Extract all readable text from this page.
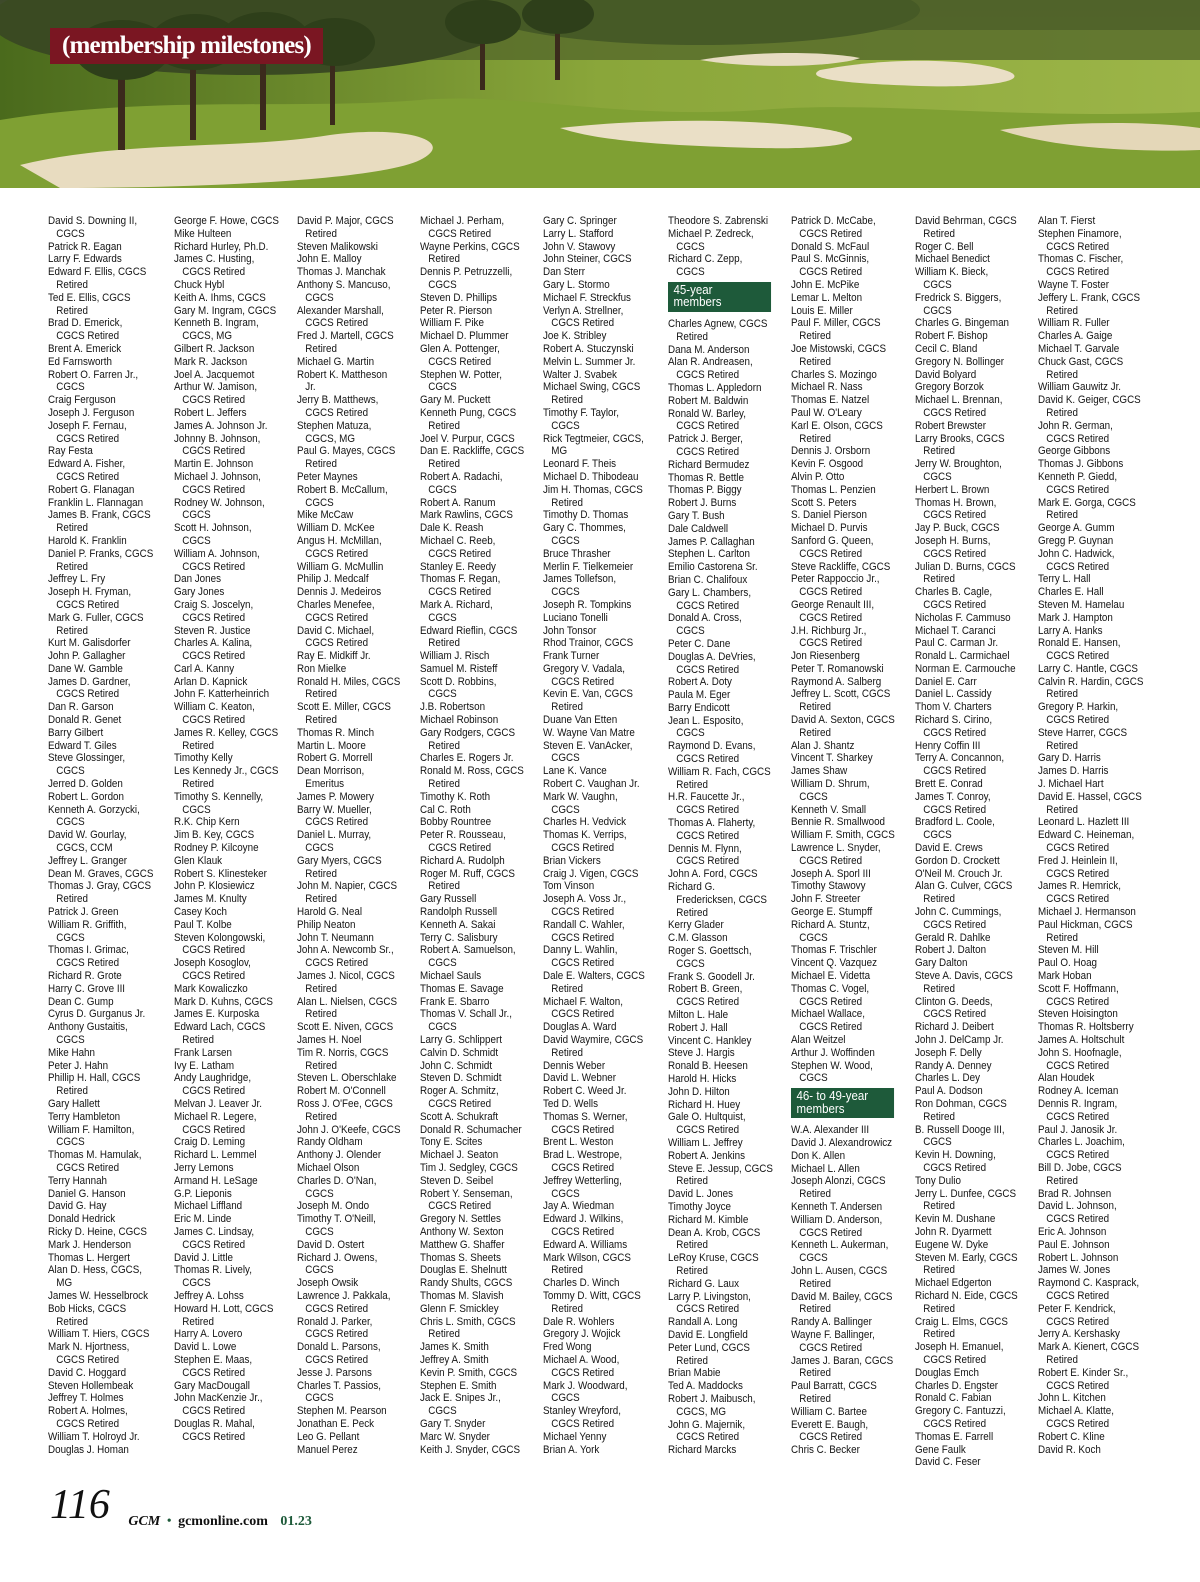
(membership milestones)
David S. Downing II,
CGCS
Patrick R. Eagan
Larry F. Edwards
Edward F. Ellis, CGCS
Retired
Ted E. Ellis, CGCS
Retired
Brad D. Emerick,
CGCS Retired
Brent A. Emerick
Ed Farnsworth
Robert O. Farren Jr.,
CGCS
Craig Ferguson
Joseph J. Ferguson
Joseph F. Fernau,
CGCS Retired
Ray Festa
Edward A. Fisher,
CGCS Retired
Robert G. Flanagan
Franklin L. Flannagan
James B. Frank, CGCS
Retired
Harold K. Franklin
Daniel P. Franks, CGCS
Retired
Jeffrey L. Fry
Joseph H. Fryman,
CGCS Retired
Mark G. Fuller, CGCS
Retired
Kurt M. Galisdorfer
John P. Gallagher
Dane W. Gamble
James D. Gardner,
CGCS Retired
Dan R. Garson
Donald R. Genet
Barry Gilbert
Edward T. Giles
Steve Glossinger,
CGCS
Jerred D. Golden
Robert L. Gordon
Kenneth A. Gorzycki,
CGCS
David W. Gourlay,
CGCS, CCM
Jeffrey L. Granger
Dean M. Graves, CGCS
Thomas J. Gray, CGCS
Retired
Patrick J. Green
William R. Griffith,
CGCS
Thomas I. Grimac,
CGCS Retired
Richard R. Grote
Harry C. Grove III
Dean C. Gump
Cyrus D. Gurganus Jr.
Anthony Gustaitis,
CGCS
Mike Hahn
Peter J. Hahn
Phillip H. Hall, CGCS
Retired
Gary Hallett
Terry Hambleton
William F. Hamilton,
CGCS
Thomas M. Hamulak,
CGCS Retired
Terry Hannah
Daniel G. Hanson
David G. Hay
Donald Hedrick
Ricky D. Heine, CGCS
Mark J. Henderson
Thomas L. Hergert
Alan D. Hess, CGCS,
MG
James W. Hesselbrock
Bob Hicks, CGCS
Retired
William T. Hiers, CGCS
Mark N. Hjortness,
CGCS Retired
David C. Hoggard
Steven Hollembeak
Jeffrey T. Holmes
Robert A. Holmes,
CGCS Retired
William T. Holroyd Jr.
Douglas J. Homan
George F. Howe, CGCS
Mike Hulteen
Richard Hurley, Ph.D.
James C. Husting,
CGCS Retired
Chuck Hybl
Keith A. Ihms, CGCS
Gary M. Ingram, CGCS
Kenneth B. Ingram,
CGCS, MG
Gilbert R. Jackson
Mark R. Jackson
Joel A. Jacquemot
Arthur W. Jamison,
CGCS Retired
Robert L. Jeffers
James A. Johnson Jr.
Johnny B. Johnson,
CGCS Retired
Martin E. Johnson
Michael J. Johnson,
CGCS Retired
Rodney W. Johnson,
CGCS
Scott H. Johnson,
CGCS
William A. Johnson,
CGCS Retired
Dan Jones
Gary Jones
Craig S. Joscelyn,
CGCS Retired
Steven R. Justice
Charles A. Kalina,
CGCS Retired
Carl A. Kanny
Arlan D. Kapnick
John F. Katterheinrich
William C. Keaton,
CGCS Retired
James R. Kelley, CGCS
Retired
Timothy Kelly
Les Kennedy Jr., CGCS
Retired
Timothy S. Kennelly,
CGCS
R.K. Chip Kern
Jim B. Key, CGCS
Rodney P. Kilcoyne
Glen Klauk
Robert S. Klinesteker
John P. Klosiewicz
James M. Knulty
Casey Koch
Paul T. Kolbe
Steven Kolongowski,
CGCS Retired
Joseph Kosoglov,
CGCS Retired
Mark Kowaliczko
Mark D. Kuhns, CGCS
James E. Kurposka
Edward Lach, CGCS
Retired
Frank Larsen
Ivy E. Latham
Andy Laughridge,
CGCS Retired
Melvan J. Leaver Jr.
Michael R. Legere,
CGCS Retired
Craig D. Leming
Richard L. Lemmel
Jerry Lemons
Armand H. LeSage
G.P. Lieponis
Michael Liffland
Eric M. Linde
James C. Lindsay,
CGCS Retired
David J. Little
Thomas R. Lively,
CGCS
Jeffrey A. Lohss
Howard H. Lott, CGCS
Retired
Harry A. Lovero
David L. Lowe
Stephen E. Maas,
CGCS Retired
Gary MacDougall
John MacKenzie Jr.,
CGCS Retired
Douglas R. Mahal,
CGCS Retired
David P. Major, CGCS
Retired
Steven Malikowski
John E. Malloy
Thomas J. Manchak
Anthony S. Mancuso,
CGCS
Alexander Marshall,
CGCS Retired
Fred J. Martell, CGCS
Retired
Michael G. Martin
Robert K. Mattheson
Jr.
Jerry B. Matthews,
CGCS Retired
Stephen Matuza,
CGCS, MG
Paul G. Mayes, CGCS
Retired
Peter Maynes
Robert B. McCallum,
CGCS
Mike McCaw
William D. McKee
Angus H. McMillan,
CGCS Retired
William G. McMullin
Philip J. Medcalf
Dennis J. Medeiros
Charles Menefee,
CGCS Retired
David C. Michael,
CGCS Retired
Ray E. Midkiff Jr.
Ron Mielke
Ronald H. Miles, CGCS
Retired
Scott E. Miller, CGCS
Retired
Thomas R. Minch
Martin L. Moore
Robert G. Morrell
Dean Morrison,
Emeritus
James P. Mowery
Barry W. Mueller,
CGCS Retired
Daniel L. Murray,
CGCS
Gary Myers, CGCS
Retired
John M. Napier, CGCS
Retired
Harold G. Neal
Philip Neaton
John T. Neumann
John A. Newcomb Sr.,
CGCS Retired
James J. Nicol, CGCS
Retired
Alan L. Nielsen, CGCS
Retired
Scott E. Niven, CGCS
James H. Noel
Tim R. Norris, CGCS
Retired
Steven L. Oberschlake
Robert M. O'Connell
Ross J. O'Fee, CGCS
Retired
John J. O'Keefe, CGCS
Randy Oldham
Anthony J. Olender
Michael Olson
Charles D. O'Nan,
CGCS
Joseph M. Ondo
Timothy T. O'Neill,
CGCS
David D. Ostert
Richard J. Owens,
CGCS
Joseph Owsik
Lawrence J. Pakkala,
CGCS Retired
Ronald J. Parker,
CGCS Retired
Donald L. Parsons,
CGCS Retired
Jesse J. Parsons
Charles T. Passios,
CGCS
Stephen M. Pearson
Jonathan E. Peck
Leo G. Pellant
Manuel Perez
Michael J. Perham,
CGCS Retired
Wayne Perkins, CGCS
Retired
Dennis P. Petruzzelli,
CGCS
Steven D. Phillips
Peter R. Pierson
William F. Pike
Michael D. Plummer
Glen A. Pottenger,
CGCS Retired
Stephen W. Potter,
CGCS
Gary M. Puckett
Kenneth Pung, CGCS
Retired
Joel V. Purpur, CGCS
Dan E. Rackliffe, CGCS
Retired
Robert A. Radachi,
CGCS
Robert A. Ranum
Mark Rawlins, CGCS
Dale K. Reash
Michael C. Reeb,
CGCS Retired
Stanley E. Reedy
Thomas F. Regan,
CGCS Retired
Mark A. Richard,
CGCS
Edward Rieflin, CGCS
Retired
William J. Risch
Samuel M. Risteff
Scott D. Robbins,
CGCS
J.B. Robertson
Michael Robinson
Gary Rodgers, CGCS
Retired
Charles E. Rogers Jr.
Ronald M. Ross, CGCS
Retired
Timothy K. Roth
Cal C. Roth
Bobby Rountree
Peter R. Rousseau,
CGCS Retired
Richard A. Rudolph
Roger M. Ruff, CGCS
Retired
Gary Russell
Randolph Russell
Kenneth A. Sakai
Terry C. Salisbury
Robert A. Samuelson,
CGCS
Michael Sauls
Thomas E. Savage
Frank E. Sbarro
Thomas V. Schall Jr.,
CGCS
Larry G. Schlippert
Calvin D. Schmidt
John C. Schmidt
Steven D. Schmidt
Roger A. Schmitz,
CGCS Retired
Scott A. Schukraft
Donald R. Schumacher
Tony E. Scites
Michael J. Seaton
Tim J. Sedgley, CGCS
Steven D. Seibel
Robert Y. Senseman,
CGCS Retired
Gregory N. Settles
Anthony W. Sexton
Matthew G. Shaffer
Thomas S. Sheets
Douglas E. Shelnutt
Randy Shults, CGCS
Thomas M. Slavish
Glenn F. Smickley
Chris L. Smith, CGCS
Retired
James K. Smith
Jeffrey A. Smith
Kevin P. Smith, CGCS
Stephen E. Smith
Jack E. Snipes Jr.,
CGCS
Gary T. Snyder
Marc W. Snyder
Keith J. Snyder, CGCS
Gary C. Springer
Larry L. Stafford
John V. Stawovy
John Steiner, CGCS
Dan Sterr
Gary L. Stormo
Michael F. Streckfus
Verlyn A. Strellner,
CGCS Retired
Joe K. Stribley
Robert A. Stuczynski
Melvin L. Summer Jr.
Walter J. Svabek
Michael Swing, CGCS
Retired
Timothy F. Taylor,
CGCS
Rick Tegtmeier, CGCS,
MG
Leonard F. Theis
Michael D. Thibodeau
Jim H. Thomas, CGCS
Retired
Timothy D. Thomas
Gary C. Thommes,
CGCS
Bruce Thrasher
Merlin F. Tielkemeier
James Tollefson,
CGCS
Joseph R. Tompkins
Luciano Tonelli
John Tonsor
Rhod Trainor, CGCS
Frank Turner
Gregory V. Vadala,
CGCS Retired
Kevin E. Van, CGCS
Retired
Duane Van Etten
W. Wayne Van Matre
Steven E. VanAcker,
CGCS
Lane K. Vance
Robert C. Vaughan Jr.
Mark W. Vaughn,
CGCS
Charles H. Vedvick
Thomas K. Verrips,
CGCS Retired
Brian Vickers
Craig J. Vigen, CGCS
Tom Vinson
Joseph A. Voss Jr.,
CGCS Retired
Randall C. Wahler,
CGCS Retired
Danny L. Wahlin,
CGCS Retired
Dale E. Walters, CGCS
Retired
Michael F. Walton,
CGCS Retired
Douglas A. Ward
David Waymire, CGCS
Retired
Dennis Weber
David L. Webner
Robert C. Weed Jr.
Ted D. Wells
Thomas S. Werner,
CGCS Retired
Brent L. Weston
Brad L. Westrope,
CGCS Retired
Jeffrey Wetterling,
CGCS
Jay A. Wiedman
Edward J. Wilkins,
CGCS Retired
Edward A. Williams
Mark Wilson, CGCS
Retired
Charles D. Winch
Tommy D. Witt, CGCS
Retired
Dale R. Wohlers
Gregory J. Wojick
Fred Wong
Michael A. Wood,
CGCS Retired
Mark J. Woodward,
CGCS
Stanley Wreyford,
CGCS Retired
Michael Yenny
Brian A. York
Theodore S. Zabrenski
Michael P. Zedreck,
CGCS
Richard C. Zepp,
CGCS
45-year
members
Charles Agnew, CGCS
Retired
Dana M. Anderson
Alan R. Andreasen,
CGCS Retired
Thomas L. Appledorn
Robert M. Baldwin
Ronald W. Barley,
CGCS Retired
Patrick J. Berger,
CGCS Retired
Richard Bermudez
Thomas R. Bettle
Thomas P. Biggy
Robert J. Burns
Gary T. Bush
Dale Caldwell
James P. Callaghan
Stephen L. Carlton
Emilio Castorena Sr.
Brian C. Chalifoux
Gary L. Chambers,
CGCS Retired
Donald A. Cross,
CGCS
Peter C. Dane
Douglas A. DeVries,
CGCS Retired
Robert A. Doty
Paula M. Eger
Barry Endicott
Jean L. Esposito,
CGCS
Raymond D. Evans,
CGCS Retired
William R. Fach, CGCS
Retired
H.R. Faucette Jr.,
CGCS Retired
Thomas A. Flaherty,
CGCS Retired
Dennis M. Flynn,
CGCS Retired
John A. Ford, CGCS
Richard G.
Fredericksen, CGCS
Retired
Kerry Glader
C.M. Glasson
Roger S. Goettsch,
CGCS
Frank S. Goodell Jr.
Robert B. Green,
CGCS Retired
Milton L. Hale
Robert J. Hall
Vincent C. Hankley
Steve J. Hargis
Ronald B. Heesen
Harold H. Hicks
John D. Hilton
Richard H. Huey
Gale O. Hultquist,
CGCS Retired
William L. Jeffrey
Robert A. Jenkins
Steve E. Jessup, CGCS
Retired
David L. Jones
Timothy Joyce
Richard M. Kimble
Dean A. Krob, CGCS
Retired
LeRoy Kruse, CGCS
Retired
Richard G. Laux
Larry P. Livingston,
CGCS Retired
Randall A. Long
David E. Longfield
Peter Lund, CGCS
Retired
Brian Mabie
Ted A. Maddocks
Robert J. Maibusch,
CGCS, MG
John G. Majernik,
CGCS Retired
Richard Marcks
Patrick D. McCabe,
CGCS Retired
Donald S. McFaul
Paul S. McGinnis,
CGCS Retired
John E. McPike
Lemar L. Melton
Louis E. Miller
Paul F. Miller, CGCS
Retired
Joe Mistowski, CGCS
Retired
Charles S. Mozingo
Michael R. Nass
Thomas E. Natzel
Paul W. O'Leary
Karl E. Olson, CGCS
Retired
Dennis J. Orsborn
Kevin F. Osgood
Alvin P. Otto
Thomas L. Penzien
Scott S. Peters
S. Daniel Pierson
Michael D. Purvis
Sanford G. Queen,
CGCS Retired
Steve Rackliffe, CGCS
Peter Rappoccio Jr.,
CGCS Retired
George Renault III,
CGCS Retired
J.H. Richburg Jr.,
CGCS Retired
Jon Riesenberg
Peter T. Romanowski
Raymond A. Salberg
Jeffrey L. Scott, CGCS
Retired
David A. Sexton, CGCS
Retired
Alan J. Shantz
Vincent T. Sharkey
James Shaw
William D. Shrum,
CGCS
Kenneth V. Small
Bennie R. Smallwood
William F. Smith, CGCS
Lawrence L. Snyder,
CGCS Retired
Joseph A. Sporl III
Timothy Stawovy
John F. Streeter
George E. Stumpff
Richard A. Stuntz,
CGCS
Thomas F. Trischler
Vincent Q. Vazquez
Michael E. Videtta
Thomas C. Vogel,
CGCS Retired
Michael Wallace,
CGCS Retired
Alan Weitzel
Arthur J. Woffinden
Stephen W. Wood,
CGCS
46- to 49-year
members
W.A. Alexander III
David J. Alexandrowicz
Don K. Allen
Michael L. Allen
Joseph Alonzi, CGCS
Retired
Kenneth T. Andersen
William D. Anderson,
CGCS Retired
Kenneth L. Aukerman,
CGCS
John L. Ausen, CGCS
Retired
David M. Bailey, CGCS
Retired
Randy A. Ballinger
Wayne F. Ballinger,
CGCS Retired
James J. Baran, CGCS
Retired
Paul Barratt, CGCS
Retired
William C. Bartee
Everett E. Baugh,
CGCS Retired
Chris C. Becker
David Behrman, CGCS
Retired
Roger C. Bell
Michael Benedict
William K. Bieck,
CGCS
Fredrick S. Biggers,
CGCS
Charles G. Bingeman
Robert F. Bishop
Cecil C. Bland
Gregory N. Bollinger
David Bolyard
Gregory Borzok
Michael L. Brennan,
CGCS Retired
Robert Brewster
Larry Brooks, CGCS
Retired
Jerry W. Broughton,
CGCS
Herbert L. Brown
Thomas H. Brown,
CGCS Retired
Jay P. Buck, CGCS
Joseph H. Burns,
CGCS Retired
Julian D. Burns, CGCS
Retired
Charles B. Cagle,
CGCS Retired
Nicholas F. Cammuso
Michael T. Caranci
Paul C. Carman Jr.
Ronald L. Carmichael
Norman E. Carmouche
Daniel E. Carr
Daniel L. Cassidy
Thom V. Charters
Richard S. Cirino,
CGCS Retired
Henry Coffin III
Terry A. Concannon,
CGCS Retired
Brett E. Conrad
James T. Conroy,
CGCS Retired
Bradford L. Coole,
CGCS
David E. Crews
Gordon D. Crockett
O'Neil M. Crouch Jr.
Alan G. Culver, CGCS
Retired
John C. Cummings,
CGCS Retired
Gerald R. Dahlke
Robert J. Dalton
Gary Dalton
Steve A. Davis, CGCS
Retired
Clinton G. Deeds,
CGCS Retired
Richard J. Deibert
John J. DelCamp Jr.
Joseph F. Delly
Randy A. Denney
Charles L. Dey
Paul A. Dodson
Ron Dohman, CGCS
Retired
B. Russell Dooge III,
CGCS
Kevin H. Downing,
CGCS Retired
Tony Dulio
Jerry L. Dunfee, CGCS
Retired
Kevin M. Dushane
John R. Dyarmett
Eugene W. Dyke
Steven M. Early, CGCS
Retired
Michael Edgerton
Richard N. Eide, CGCS
Retired
Craig L. Elms, CGCS
Retired
Joseph H. Emanuel,
CGCS Retired
Douglas Emch
Charles D. Engster
Ronald C. Fabian
Gregory C. Fantuzzi,
CGCS Retired
Thomas E. Farrell
Gene Faulk
David C. Feser
Alan T. Fierst
Stephen Finamore,
CGCS Retired
Thomas C. Fischer,
CGCS Retired
Wayne T. Foster
Jeffery L. Frank, CGCS
Retired
William R. Fuller
Charles A. Gaige
Michael T. Garvale
Chuck Gast, CGCS
Retired
William Gauwitz Jr.
David K. Geiger, CGCS
Retired
John R. German,
CGCS Retired
George Gibbons
Thomas J. Gibbons
Kenneth P. Giedd,
CGCS Retired
Mark E. Gorga, CGCS
Retired
George A. Gumm
Gregg P. Guynan
John C. Hadwick,
CGCS Retired
Terry L. Hall
Charles E. Hall
Steven M. Hamelau
Mark J. Hampton
Larry A. Hanks
Ronald E. Hansen,
CGCS Retired
Larry C. Hantle, CGCS
Calvin R. Hardin, CGCS
Retired
Gregory P. Harkin,
CGCS Retired
Steve Harrer, CGCS
Retired
Gary D. Harris
James D. Harris
J. Michael Hart
David E. Hassel, CGCS
Retired
Leonard L. Hazlett III
Edward C. Heineman,
CGCS Retired
Fred J. Heinlein II,
CGCS Retired
James R. Hemrick,
CGCS Retired
Michael J. Hermanson
Paul Hickman, CGCS
Retired
Steven M. Hill
Paul O. Hoag
Mark Hoban
Scott F. Hoffmann,
CGCS Retired
Steven Hoisington
Thomas R. Holtsberry
James A. Holtschult
John S. Hoofnagle,
CGCS Retired
Alan Houdek
Rodney A. Iceman
Dennis R. Ingram,
CGCS Retired
Paul J. Janosik Jr.
Charles L. Joachim,
CGCS Retired
Bill D. Jobe, CGCS
Retired
Brad R. Johnsen
David L. Johnson,
CGCS Retired
Eric A. Johnson
Paul E. Johnson
Robert L. Johnson
James W. Jones
Raymond C. Kasprack,
CGCS Retired
Peter F. Kendrick,
CGCS Retired
Jerry A. Kershasky
Mark A. Kienert, CGCS
Retired
Robert E. Kinder Sr.,
CGCS Retired
John L. Kitchen
Michael A. Klatte,
CGCS Retired
Robert C. Kline
David R. Koch
116 GCM • gcmonline.com 01.23
